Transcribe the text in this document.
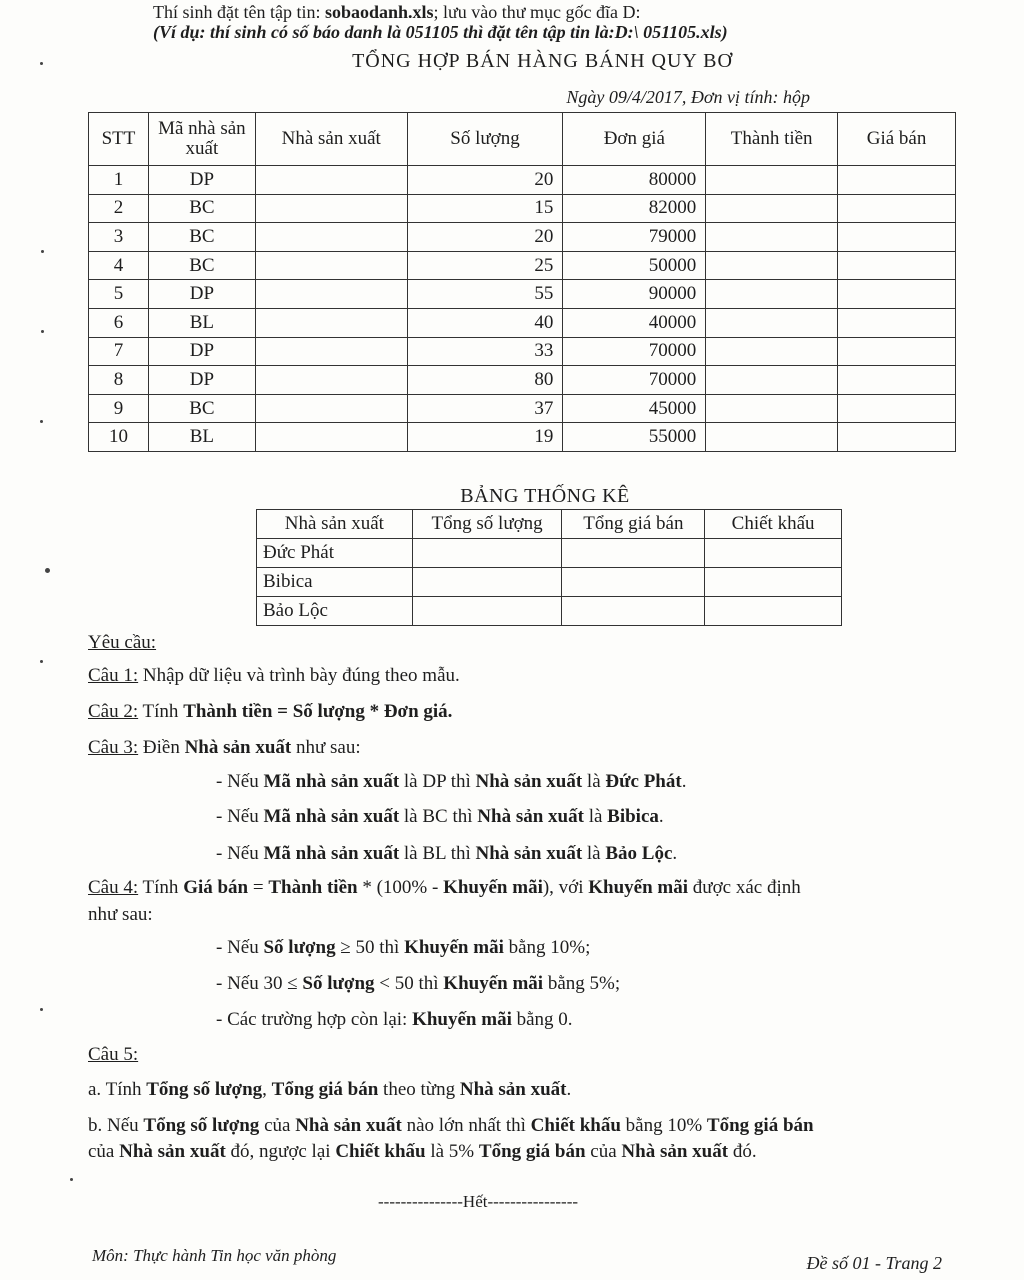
Thí sinh đặt tên tập tin: sobaodanh.xls; lưu vào thư mục gốc đĩa D:
(Ví dụ: thí sinh có số báo danh là 051105 thì đặt tên tập tin là:D:\ 051105.xls)
TỔNG HỢP BÁN HÀNG BÁNH QUY BƠ
Ngày 09/4/2017, Đơn vị tính: hộp
STT	Mã nhà sản xuất	Nhà sản xuất	Số lượng	Đơn giá	Thành tiền	Giá bán
1	DP		20	80000		
2	BC		15	82000		
3	BC		20	79000		
4	BC		25	50000		
5	DP		55	90000		
6	BL		40	40000		
7	DP		33	70000		
8	DP		80	70000		
9	BC		37	45000		
10	BL		19	55000		
BẢNG THỐNG KÊ
Nhà sản xuất	Tổng số lượng	Tổng giá bán	Chiết khấu
Đức Phát			
Bibica			
Bảo Lộc			
Yêu cầu:
Câu 1: Nhập dữ liệu và trình bày đúng theo mẫu.
Câu 2: Tính Thành tiền = Số lượng * Đơn giá.
Câu 3: Điền Nhà sản xuất như sau:
- Nếu Mã nhà sản xuất là DP thì Nhà sản xuất là Đức Phát.
- Nếu Mã nhà sản xuất là BC thì Nhà sản xuất là Bibica.
- Nếu Mã nhà sản xuất là BL thì Nhà sản xuất là Bảo Lộc.
Câu 4: Tính Giá bán = Thành tiền * (100% - Khuyến mãi), với Khuyến mãi được xác định
như sau:
- Nếu Số lượng ≥ 50 thì Khuyến mãi bằng 10%;
- Nếu 30 ≤ Số lượng < 50 thì Khuyến mãi bằng 5%;
- Các trường hợp còn lại: Khuyến mãi bằng 0.
Câu 5:
a. Tính Tổng số lượng, Tổng giá bán theo từng Nhà sản xuất.
b. Nếu Tổng số lượng của Nhà sản xuất nào lớn nhất thì Chiết khấu bằng 10% Tổng giá bán
của Nhà sản xuất đó, ngược lại Chiết khấu là 5% Tổng giá bán của Nhà sản xuất đó.
---------------Hết----------------
Môn: Thực hành Tin học văn phòng	Đề số 01 - Trang 2
